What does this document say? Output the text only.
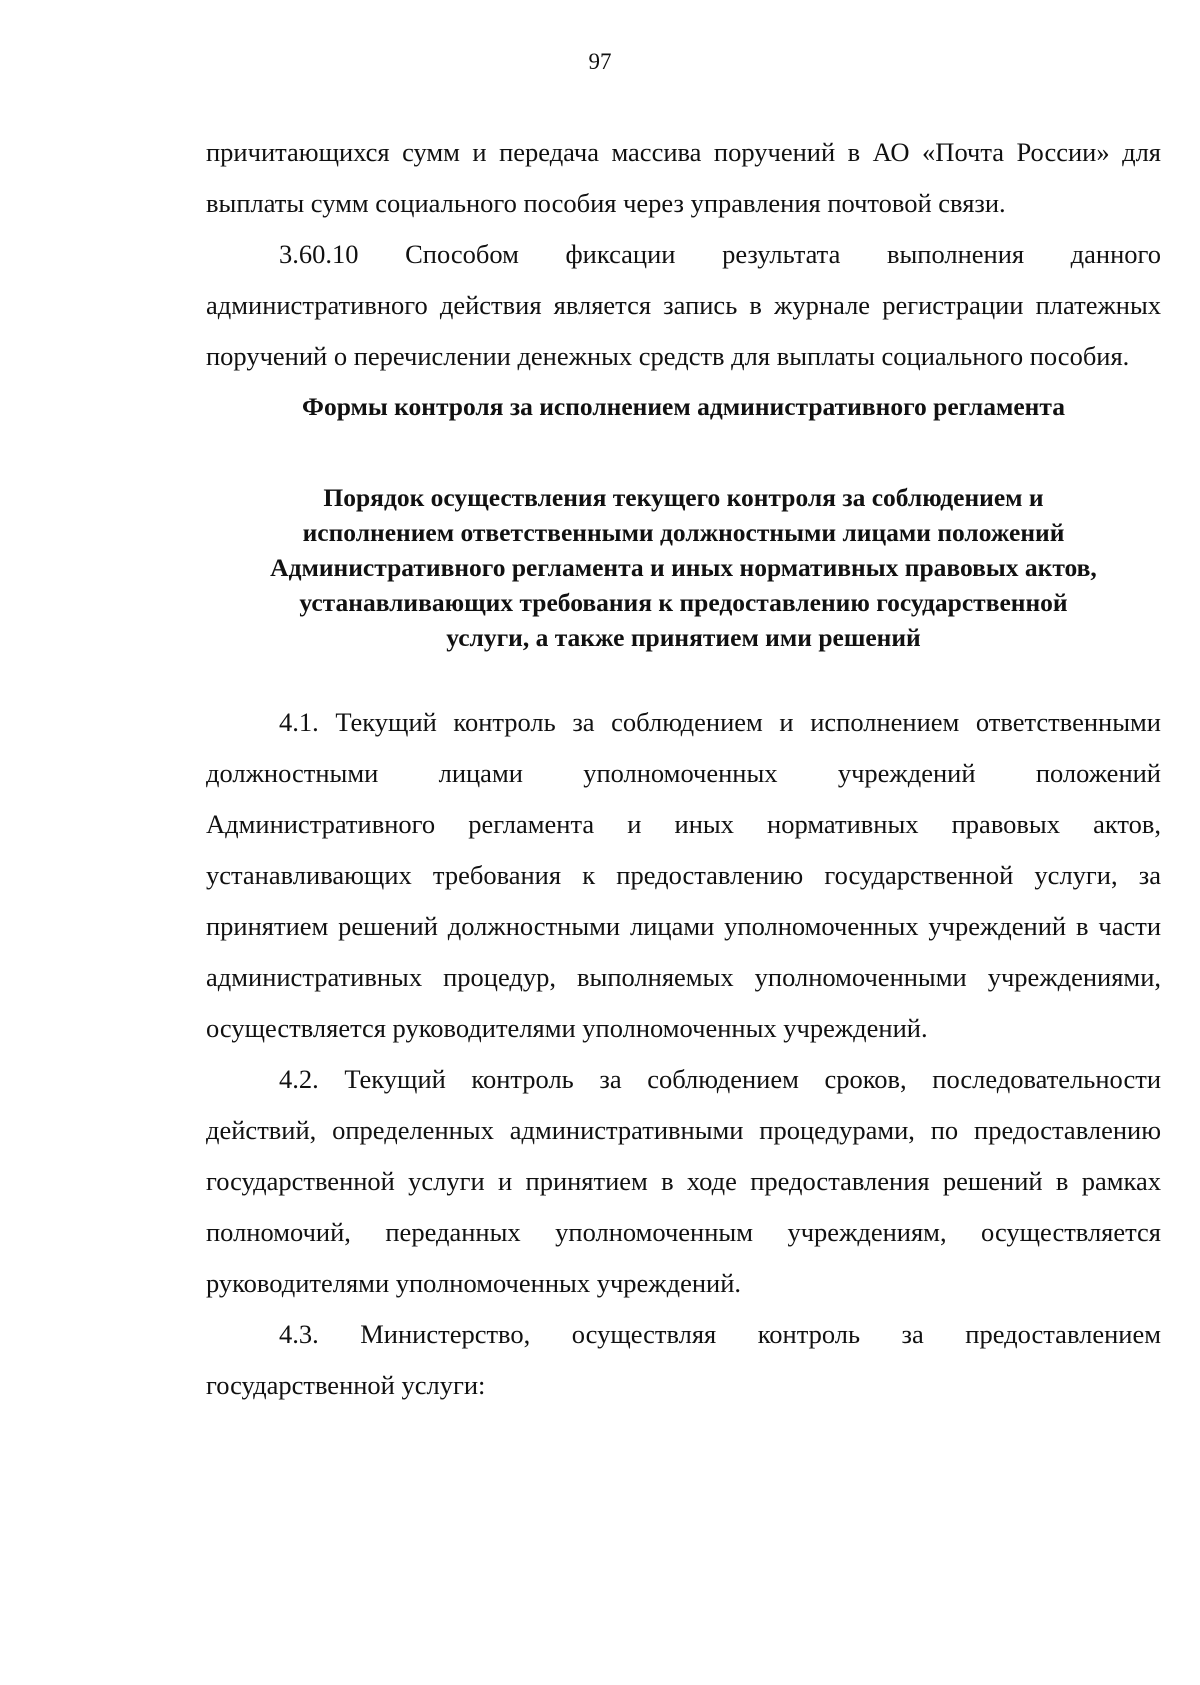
97

причитающихся сумм и передача массива поручений в АО «Почта России» для выплаты сумм социального пособия через управления почтовой связи.

3.60.10 Способом фиксации результата выполнения данного административного действия является запись в журнале регистрации платежных поручений о перечислении денежных средств для выплаты социального пособия.

Формы контроля за исполнением административного регламента
Порядок осуществления текущего контроля за соблюдением и
исполнением ответственными должностными лицами положений
Административного регламента и иных нормативных правовых актов,
устанавливающих требования к предоставлению государственной
услуги, а также принятием ими решений

4.1. Текущий контроль за соблюдением и исполнением ответственными должностными лицами уполномоченных учреждений положений Административного регламента и иных нормативных правовых актов, устанавливающих требования к предоставлению государственной услуги, за принятием решений должностными лицами уполномоченных учреждений в части административных процедур, выполняемых уполномоченными учреждениями, осуществляется руководителями уполномоченных учреждений.

4.2. Текущий контроль за соблюдением сроков, последовательности действий, определенных административными процедурами, по предоставлению государственной услуги и принятием в ходе предоставления решений в рамках полномочий, переданных уполномоченным учреждениям, осуществляется руководителями уполномоченных учреждений.

4.3. Министерство, осуществляя контроль за предоставлением государственной услуги:
